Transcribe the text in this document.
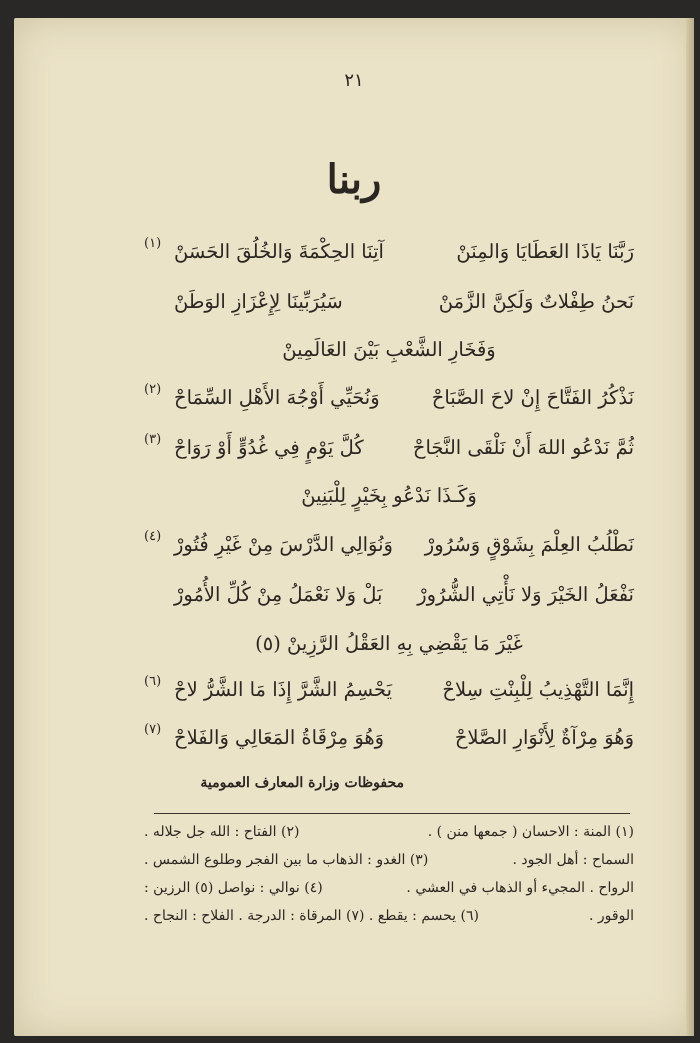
٢١
ربنا
رَبَّنَا يَاذَا العَطَايَا وَالمِنَنْ
آتِنَا الحِكْمَةَ وَالخُلُقَ الحَسَنْ
(١)
نَحنُ طِفْلاتٌ وَلَكِنَّ الزَّمَنْ
سَيُرَبِّينَا لِإِعْزَازِ الوَطَنْ
وَفَخَارِ الشَّعْبِ بَيْنَ العَالَمِينْ
نَذْكُرُ الفَتَّاحَ إِنْ لاحَ الصَّبَاحْ
وَنُحَيِّي أَوْجُهَ الأَهْلِ السِّمَاحْ
(٢)
ثُمَّ نَدْعُو اللهَ أَنْ نَلْقَى النَّجَاحْ
كُلَّ يَوْمٍ فِي غُدُوٍّ أَوْ رَوَاحْ
(٣)
وَكَـذَا نَدْعُو بِخَيْرٍ لِلْبَنِينْ
نَطْلُبُ العِلْمَ بِشَوْقٍ وَسُرُورْ
وَنُوَالِي الدَّرْسَ مِنْ غَيْرِ فُتُورْ
(٤)
نَفْعَلُ الخَيْرَ وَلا نَأْتِي الشُّرُورْ
بَلْ وَلا نَعْمَلُ مِنْ كُلِّ الأُمُورْ
غَيْرَ مَا يَقْضِي بِهِ العَقْلُ الرَّزِينْ (٥)
إِنَّمَا التَّهْذِيبُ لِلْبِنْتِ سِلاحْ
يَحْسِمُ الشَّرَّ إِذَا مَا الشَّرُّ لاحْ
(٦)
وَهُوَ مِرْآةٌ لِأَنْوَارِ الصَّلاحْ
وَهُوَ مِرْقَاةُ المَعَالِي وَالفَلاحْ
(٧)
محفوظات وزارة المعارف العمومية
(١) المنة : الاحسان ( جمعها منن ) .
(٢) الفتاح : الله جل جلاله .
السماح : أهل الجود .
(٣) الغدو : الذهاب ما بين الفجر وطلوع الشمس .
الرواح . المجيء أو الذهاب في العشي .
(٤) نوالي : نواصل (٥) الرزين :
الوقور .
(٦) يحسم : يقطع . (٧) المرقاة : الدرجة . الفلاح : النجاح .
